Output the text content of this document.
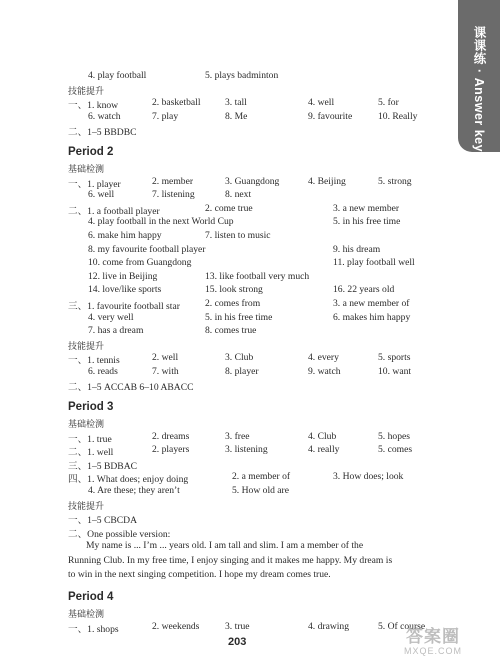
课课练 · Answer key
4. play football	5. plays badminton
技能提升
一、1. know	2. basketball	3. tall	4. well	5. for
6. watch	7. play	8. Me	9. favourite	10. Really
二、1–5 BBDBC
Period 2
基础检测
一、1. player	2. member	3. Guangdong	4. Beijing	5. strong
6. well	7. listening	8. next
二、1. a football player	2. come true	3. a new member
4. play football in the next World Cup	5. in his free time
6. make him happy	7. listen to music
8. my favourite football player	9. his dream
10. come from Guangdong	11. play football well
12. live in Beijing	13. like football very much
14. love/like sports	15. look strong	16. 22 years old
三、1. favourite football star	2. comes from	3. a new member of
4. very well	5. in his free time	6. makes him happy
7. has a dream	8. comes true
技能提升
一、1. tennis	2. well	3. Club	4. every	5. sports
6. reads	7. with	8. player	9. watch	10. want
二、1–5 ACCAB 6–10 ABACC
Period 3
基础检测
一、1. true	2. dreams	3. free	4. Club	5. hopes
二、1. well	2. players	3. listening	4. really	5. comes
三、1–5 BDBAC
四、1. What does; enjoy doing	2. a member of	3. How does; look
4. Are these; they aren’t	5. How old are
技能提升
一、1–5 CBCDA
二、One possible version:
My name is ... I’m ... years old. I am tall and slim. I am a member of the
Running Club. In my free time, I enjoy singing and it makes me happy. My dream is
to win in the next singing competition. I hope my dream comes true.
Period 4
基础检测
一、1. shops	2. weekends	3. true	4. drawing	5. Of course
203	答案圈
MXQE.COM
